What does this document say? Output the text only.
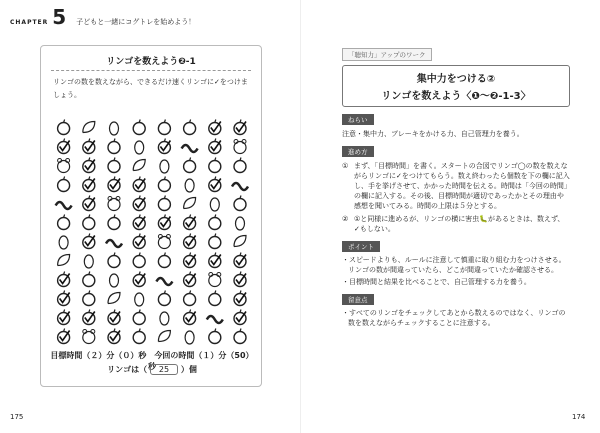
CHAPTER 5 子どもと一緒にコグトレを始めよう！
リンゴを数えよう❷-1
リンゴの数を数えながら、できるだけ速くリンゴに✓をつけましょう。
目標時間（２）分（０）秒　今回の時間（１）分（50）秒
リンゴは（ 25 ）個
175	174
「聴知力」アップのワーク
集中力をつける②
リンゴを数えよう〈❶〜❷-1-3〉
ねらい
注意・集中力、ブレーキをかける力、自己管理力を養う。
進め方
① まず、「目標時間」を書く。スタートの合図でリンゴ◯の数を数えながらリンゴに✓をつけてもらう。数え終わったら個数を下の欄に記入し、手を挙げさせて、かかった時間を伝える。時間は「今回の時間」の欄に記入する。その後、目標時間が適切であったかとその理由や感想を聞いてみる。時間の上限は５分とする。
② ①と同様に進めるが、リンゴの横に害虫🐛があるときは、数えず、✓もしない。
ポイント
・スピードよりも、ルールに注意して慎重に取り組む力をつけさせる。リンゴの数が間違っていたら、どこが間違っていたか確認させる。
・目標時間と結果を比べることで、自己管理する力を養う。
留意点
・すべてのリンゴをチェックしてあとから数えるのではなく、リンゴの数を数えながらチェックすることに注意する。
